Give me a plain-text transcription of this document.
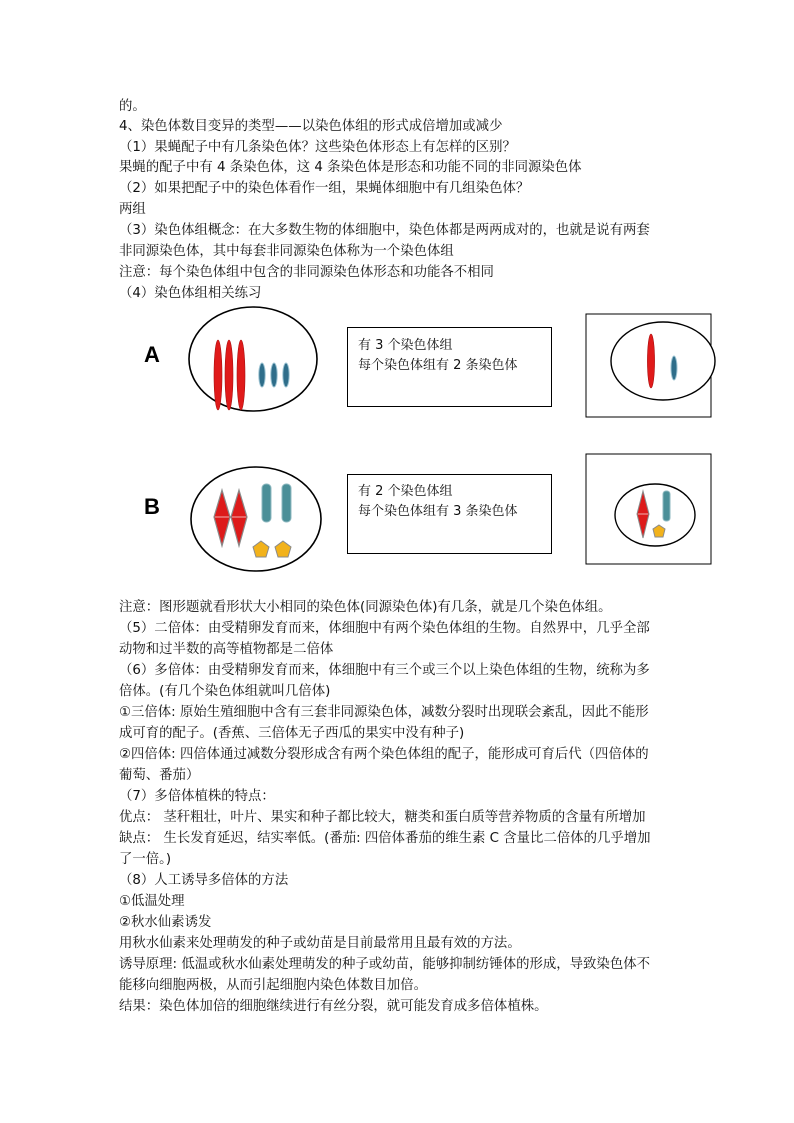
的。
4、染色体数目变异的类型——以染色体组的形式成倍增加或减少
（1）果蝇配子中有几条染色体？这些染色体形态上有怎样的区别？
果蝇的配子中有 4 条染色体，这 4 条染色体是形态和功能不同的非同源染色体
（2）如果把配子中的染色体看作一组，果蝇体细胞中有几组染色体？
两组
（3）染色体组概念：在大多数生物的体细胞中，染色体都是两两成对的，也就是说有两套
非同源染色体，其中每套非同源染色体称为一个染色体组
注意：每个染色体组中包含的非同源染色体形态和功能各不相同
（4）染色体组相关练习
A	有 3 个染色体组
每个染色体组有 2 条染色体
B
有 2 个染色体组
每个染色体组有 3 条染色体
注意：图形题就看形状大小相同的染色体(同源染色体)有几条，就是几个染色体组。
（5）二倍体：由受精卵发育而来，体细胞中有两个染色体组的生物。自然界中，几乎全部
动物和过半数的高等植物都是二倍体
（6）多倍体：由受精卵发育而来，体细胞中有三个或三个以上染色体组的生物，统称为多
倍体。(有几个染色体组就叫几倍体)
①三倍体: 原始生殖细胞中含有三套非同源染色体，减数分裂时出现联会紊乱，因此不能形
成可育的配子。(香蕉、三倍体无子西瓜的果实中没有种子)
②四倍体: 四倍体通过减数分裂形成含有两个染色体组的配子，能形成可育后代（四倍体的
葡萄、番茄）
（7）多倍体植株的特点：
优点： 茎秆粗壮，叶片、果实和种子都比较大，糖类和蛋白质等营养物质的含量有所增加
缺点： 生长发育延迟，结实率低。(番茄: 四倍体番茄的维生素 C 含量比二倍体的几乎增加
了一倍。)
（8）人工诱导多倍体的方法
①低温处理
②秋水仙素诱发
用秋水仙素来处理萌发的种子或幼苗是目前最常用且最有效的方法。
诱导原理: 低温或秋水仙素处理萌发的种子或幼苗，能够抑制纺锤体的形成，导致染色体不
能移向细胞两极，从而引起细胞内染色体数目加倍。
结果：染色体加倍的细胞继续进行有丝分裂，就可能发育成多倍体植株。
